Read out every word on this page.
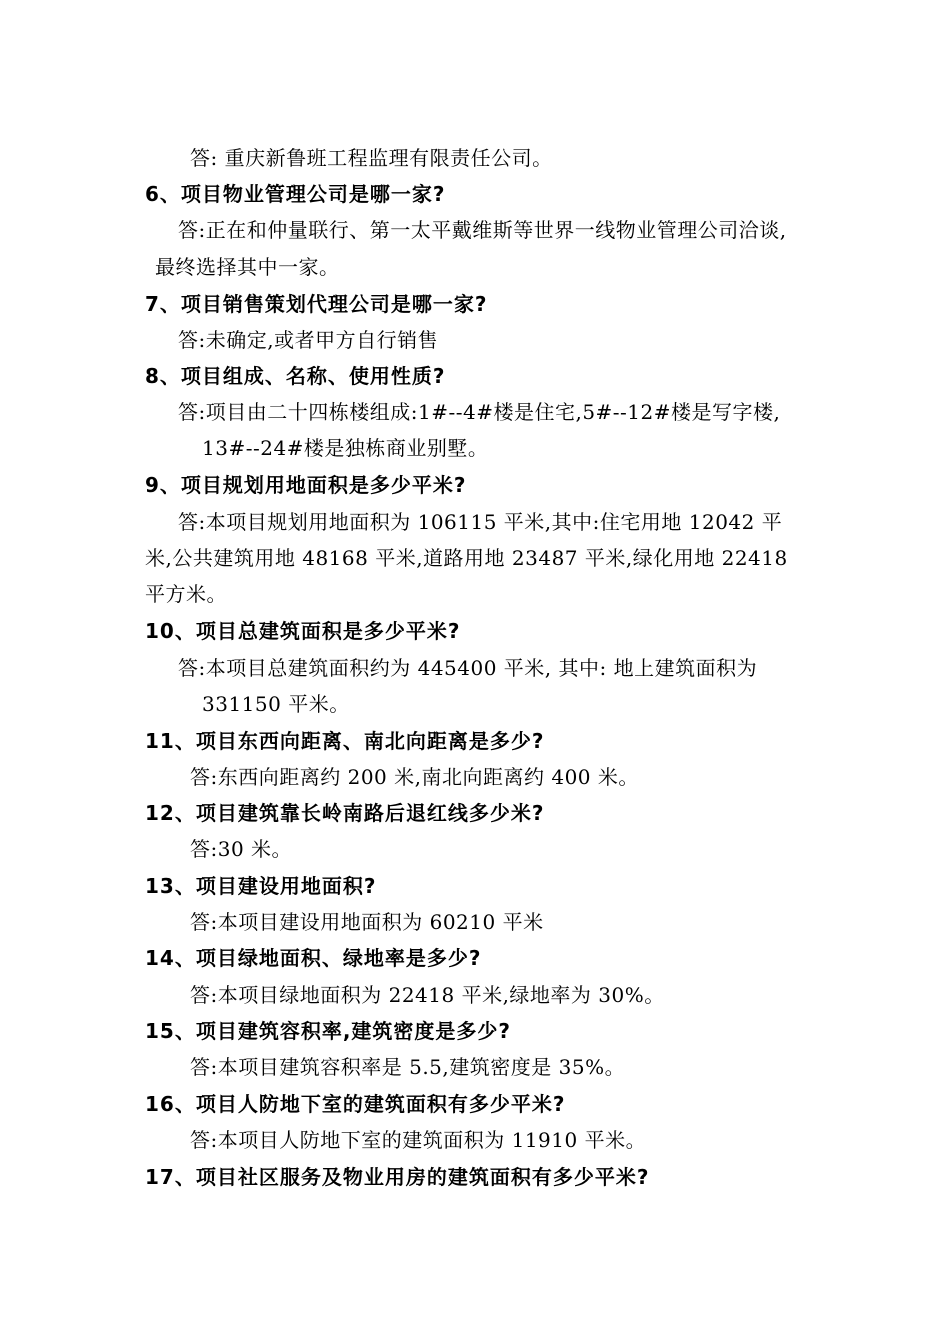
答: 重庆新鲁班工程监理有限责任公司。
6、项目物业管理公司是哪一家?
答:正在和仲量联行、第一太平戴维斯等世界一线物业管理公司洽谈,
最终选择其中一家。
7、项目销售策划代理公司是哪一家?
答:未确定,或者甲方自行销售
8、项目组成、名称、使用性质?
答:项目由二十四栋楼组成:1#--4#楼是住宅,5#--12#楼是写字楼,
13#--24#楼是独栋商业别墅。
9、项目规划用地面积是多少平米?
答:本项目规划用地面积为 106115 平米,其中:住宅用地 12042 平
米,公共建筑用地 48168 平米,道路用地 23487 平米,绿化用地 22418
平方米。
10、项目总建筑面积是多少平米?
答:本项目总建筑面积约为 445400 平米, 其中: 地上建筑面积为
331150 平米。
11、项目东西向距离、南北向距离是多少?
答:东西向距离约 200 米,南北向距离约 400 米。
12、项目建筑靠长岭南路后退红线多少米?
答:30 米。
13、项目建设用地面积?
答:本项目建设用地面积为 60210 平米
14、项目绿地面积、绿地率是多少?
答:本项目绿地面积为 22418 平米,绿地率为 30%。
15、项目建筑容积率,建筑密度是多少?
答:本项目建筑容积率是 5.5,建筑密度是 35%。
16、项目人防地下室的建筑面积有多少平米?
答:本项目人防地下室的建筑面积为 11910 平米。
17、项目社区服务及物业用房的建筑面积有多少平米?
